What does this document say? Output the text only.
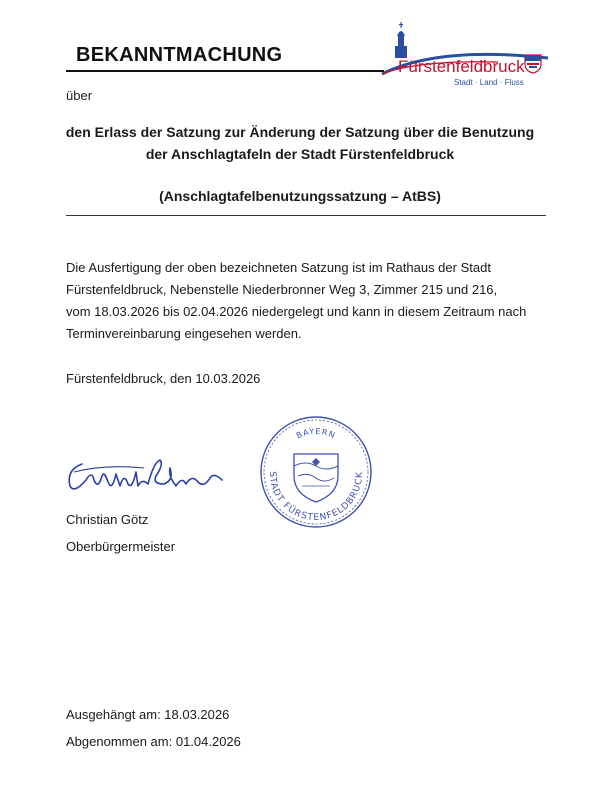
BEKANNTMACHUNG
über
Fürstenfeldbruck
Stadt · Land · Fluss
den Erlass der Satzung zur Änderung der Satzung über die Benutzung
der Anschlagtafeln der Stadt Fürstenfeldbruck
(Anschlagtafelbenutzungssatzung – AtBS)
Die Ausfertigung der oben bezeichneten Satzung ist im Rathaus der Stadt
Fürstenfeldbruck, Nebenstelle Niederbronner Weg 3, Zimmer 215 und 216,
vom 18.03.2026 bis 02.04.2026 niedergelegt und kann in diesem Zeitraum nach
Terminvereinbarung eingesehen werden.
Fürstenfeldbruck, den 10.03.2026
BAYERN
STADT FÜRSTENFELDBRUCK
Christian Götz
Oberbürgermeister
Ausgehängt am: 18.03.2026
Abgenommen am: 01.04.2026
